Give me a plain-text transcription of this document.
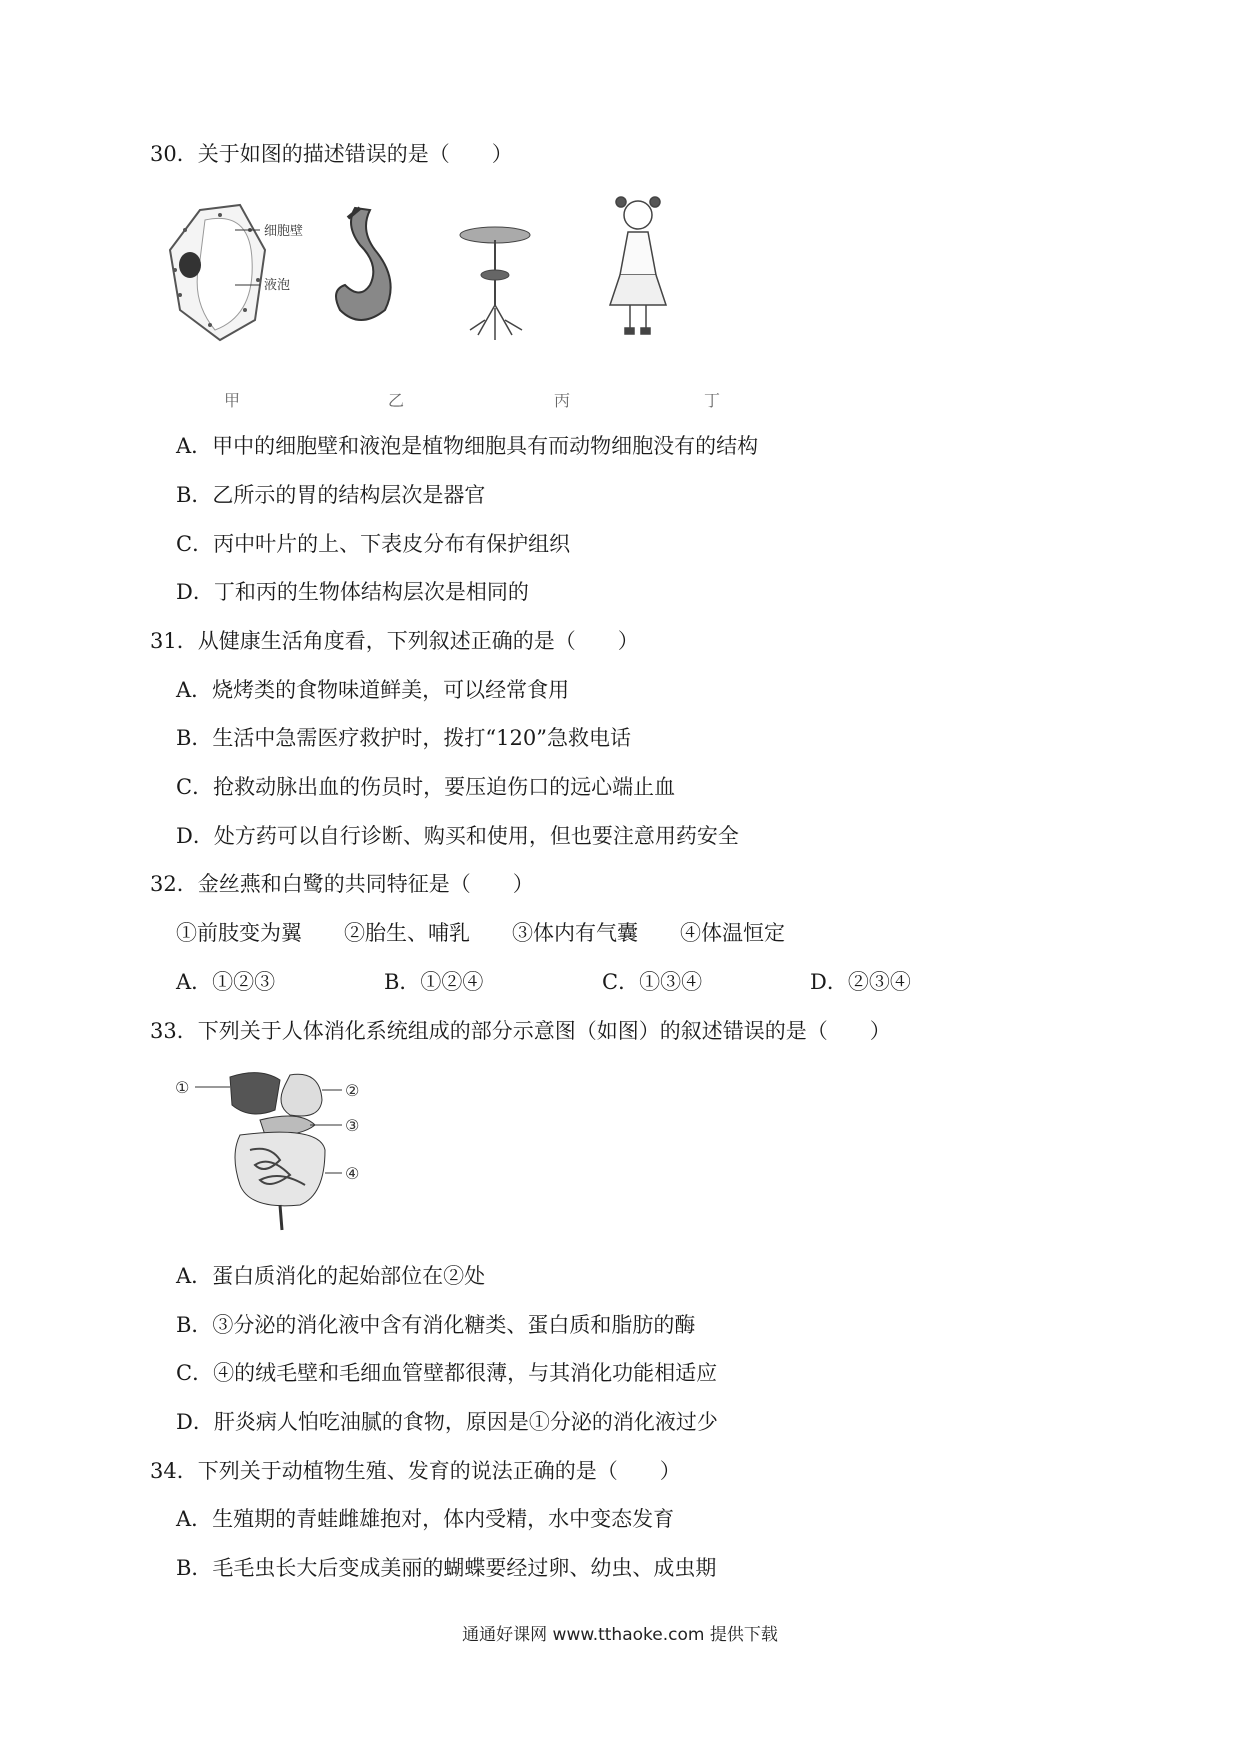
30．关于如图的描述错误的是（　　）
细胞壁
液泡
甲	乙	丙	丁
A．甲中的细胞壁和液泡是植物细胞具有而动物细胞没有的结构
B．乙所示的胃的结构层次是器官
C．丙中叶片的上、下表皮分布有保护组织
D．丁和丙的生物体结构层次是相同的
31．从健康生活角度看，下列叙述正确的是（　　）
A．烧烤类的食物味道鲜美，可以经常食用
B．生活中急需医疗救护时，拨打“120”急救电话
C．抢救动脉出血的伤员时，要压迫伤口的远心端止血
D．处方药可以自行诊断、购买和使用，但也要注意用药安全
32．金丝燕和白鹭的共同特征是（　　）
①前肢变为翼　　②胎生、哺乳　　③体内有气囊　　④体温恒定
A．①②③	B．①②④	C．①③④	D．②③④
33．下列关于人体消化系统组成的部分示意图（如图）的叙述错误的是（　　）
①	②
③
④
A．蛋白质消化的起始部位在②处
B．③分泌的消化液中含有消化糖类、蛋白质和脂肪的酶
C．④的绒毛壁和毛细血管壁都很薄，与其消化功能相适应
D．肝炎病人怕吃油腻的食物，原因是①分泌的消化液过少
34．下列关于动植物生殖、发育的说法正确的是（　　）
A．生殖期的青蛙雌雄抱对，体内受精，水中变态发育
B．毛毛虫长大后变成美丽的蝴蝶要经过卵、幼虫、成虫期
通通好课网 www.tthaoke.com 提供下载
